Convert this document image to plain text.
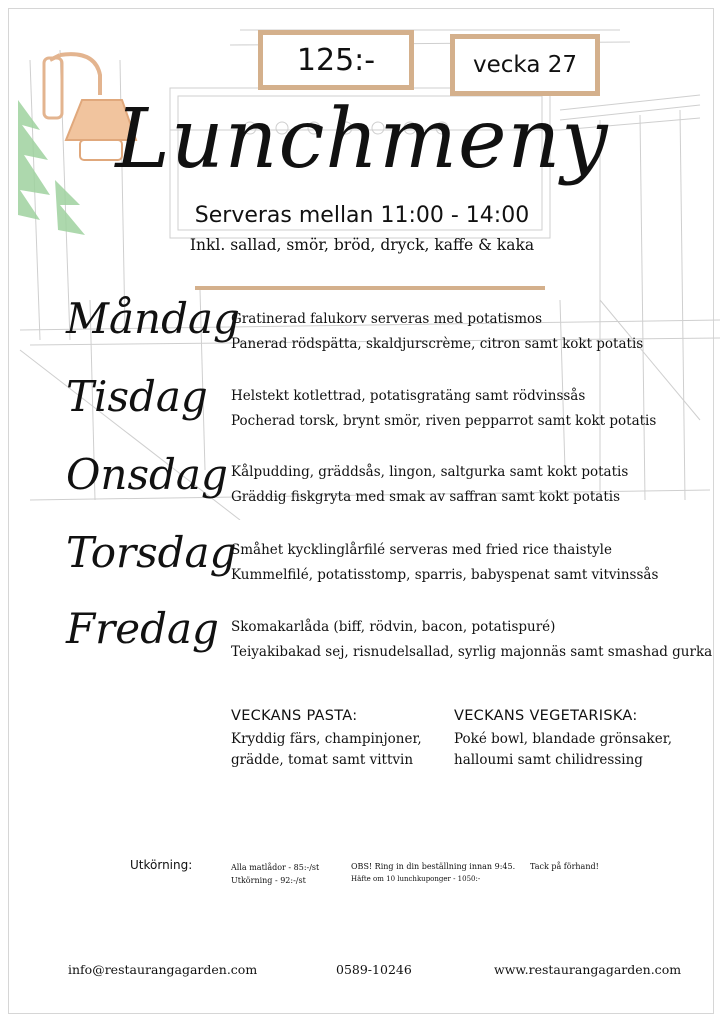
125:-	vecka 27
Lunchmeny
Serveras mellan 11:00 - 14:00
Inkl. sallad, smör, bröd, dryck, kaffe & kaka
Måndag
Gratinerad falukorv serveras med potatismos
Panerad rödspätta, skaldjurscrème, citron samt kokt potatis
Tisdag Helstekt kotlettrad, potatisgratäng samt rödvinssås
Pocherad torsk, brynt smör, riven pepparrot samt kokt potatis
Onsdag Kålpudding, gräddsås, lingon, saltgurka samt kokt potatis
Gräddig fiskgryta med smak av saffran samt kokt potatis
Torsdag
Småhet kycklinglårfilé serveras med fried rice thaistyle
Kummelfilé, potatisstomp, sparris, babyspenat samt vitvinssås
Fredag Skomakarlåda (biff, rödvin, bacon, potatispuré)
Teiyakibakad sej, risnudelsallad, syrlig majonnäs samt smashad gurka
VECKANS PASTA:
Kryddig färs, champinjoner,
grädde, tomat samt vittvin
VECKANS VEGETARISKA:
Poké bowl, blandade grönsaker,
halloumi samt chilidressing
Utkörning:	Alla matlådor - 85:-/st
Utkörning - 92:-/st
OBS! Ring in din beställning innan 9:45.
Häfte om 10 lunchkuponger - 1050:-
Tack på förhand!
info@restaurangagarden.com	0589-10246	www.restaurangagarden.com
